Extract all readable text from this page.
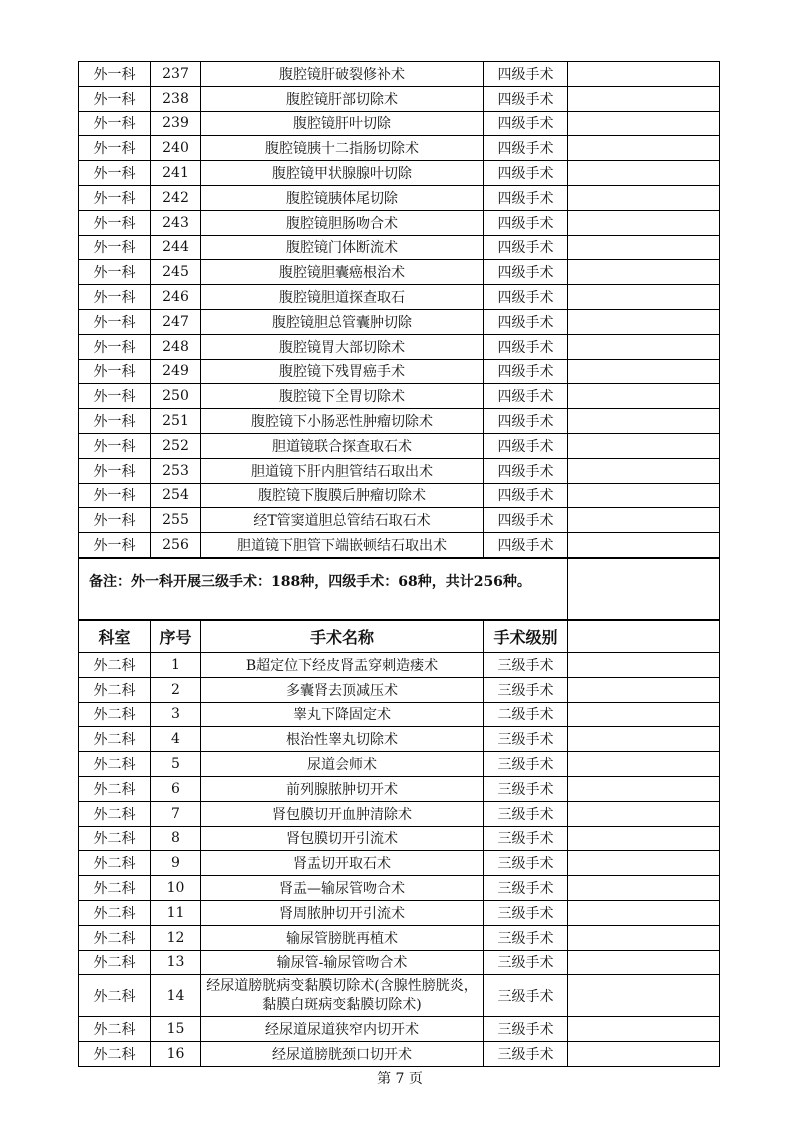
外一科	237	腹腔镜肝破裂修补术	四级手术	
外一科	238	腹腔镜肝部切除术	四级手术	
外一科	239	腹腔镜肝叶切除	四级手术	
外一科	240	腹腔镜胰十二指肠切除术	四级手术	
外一科	241	腹腔镜甲状腺腺叶切除	四级手术	
外一科	242	腹腔镜胰体尾切除	四级手术	
外一科	243	腹腔镜胆肠吻合术	四级手术	
外一科	244	腹腔镜门体断流术	四级手术	
外一科	245	腹腔镜胆囊癌根治术	四级手术	
外一科	246	腹腔镜胆道探查取石	四级手术	
外一科	247	腹腔镜胆总管囊肿切除	四级手术	
外一科	248	腹腔镜胃大部切除术	四级手术	
外一科	249	腹腔镜下残胃癌手术	四级手术	
外一科	250	腹腔镜下全胃切除术	四级手术	
外一科	251	腹腔镜下小肠恶性肿瘤切除术	四级手术	
外一科	252	胆道镜联合探查取石术	四级手术	
外一科	253	胆道镜下肝内胆管结石取出术	四级手术	
外一科	254	腹腔镜下腹膜后肿瘤切除术	四级手术	
外一科	255	经T管窦道胆总管结石取石术	四级手术	
外一科	256	胆道镜下胆管下端嵌顿结石取出术	四级手术	
备注：外一科开展三级手术：188种，四级手术：68种，共计256种。	
科室	序号	手术名称	手术级别	
外二科	1	B超定位下经皮肾盂穿刺造瘘术	三级手术	
外二科	2	多囊肾去顶减压术	三级手术	
外二科	3	睾丸下降固定术	二级手术	
外二科	4	根治性睾丸切除术	三级手术	
外二科	5	尿道会师术	三级手术	
外二科	6	前列腺脓肿切开术	三级手术	
外二科	7	肾包膜切开血肿清除术	三级手术	
外二科	8	肾包膜切开引流术	三级手术	
外二科	9	肾盂切开取石术	三级手术	
外二科	10	肾盂—输尿管吻合术	三级手术	
外二科	11	肾周脓肿切开引流术	三级手术	
外二科	12	输尿管膀胱再植术	三级手术	
外二科	13	输尿管-输尿管吻合术	三级手术	
外二科	14	经尿道膀胱病变黏膜切除术(含腺性膀胱炎，黏膜白斑病变黏膜切除术)	三级手术	
外二科	15	经尿道尿道狭窄内切开术	三级手术	
外二科	16	经尿道膀胱颈口切开术	三级手术	
第 7 页
